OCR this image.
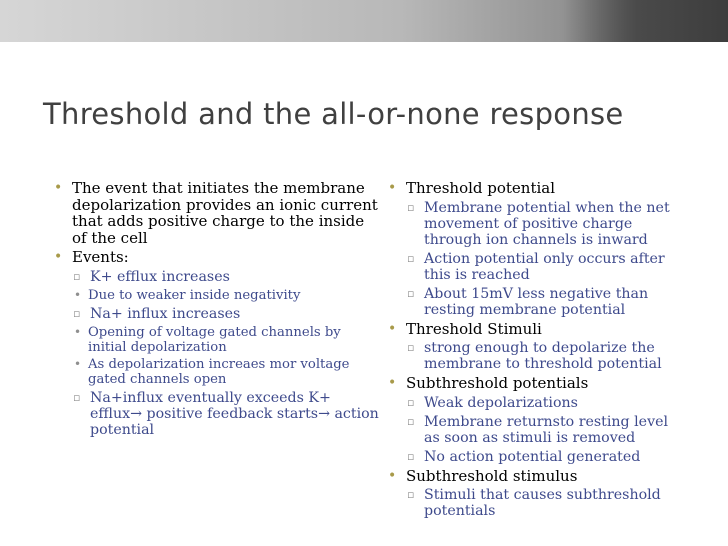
Threshold and the all-or-none response
• The event that initiates the membrane depolarization provides an ionic current that adds positive charge to the inside of the cell
• Events:
▫ K+ efflux increases
• Due to weaker inside negativity
▫ Na+ influx increases
• Opening of voltage gated channels by initial depolarization
• As depolarization increaes mor voltage gated channels open
▫ Na+influx eventually exceeds K+ efflux→ positive feedback starts→ action potential
• Threshold potential
▫ Membrane potential when the net movement of positive charge through ion channels is inward
▫ Action potential only occurs after this is reached
▫ About 15mV less negative than resting membrane potential
• Threshold Stimuli
▫ strong enough to depolarize the membrane to threshold potential
• Subthreshold potentials
▫ Weak depolarizations
▫ Membrane returnsto resting level as soon as stimuli is removed
▫ No action potential generated
• Subthreshold stimulus
▫ Stimuli that causes subthreshold potentials
